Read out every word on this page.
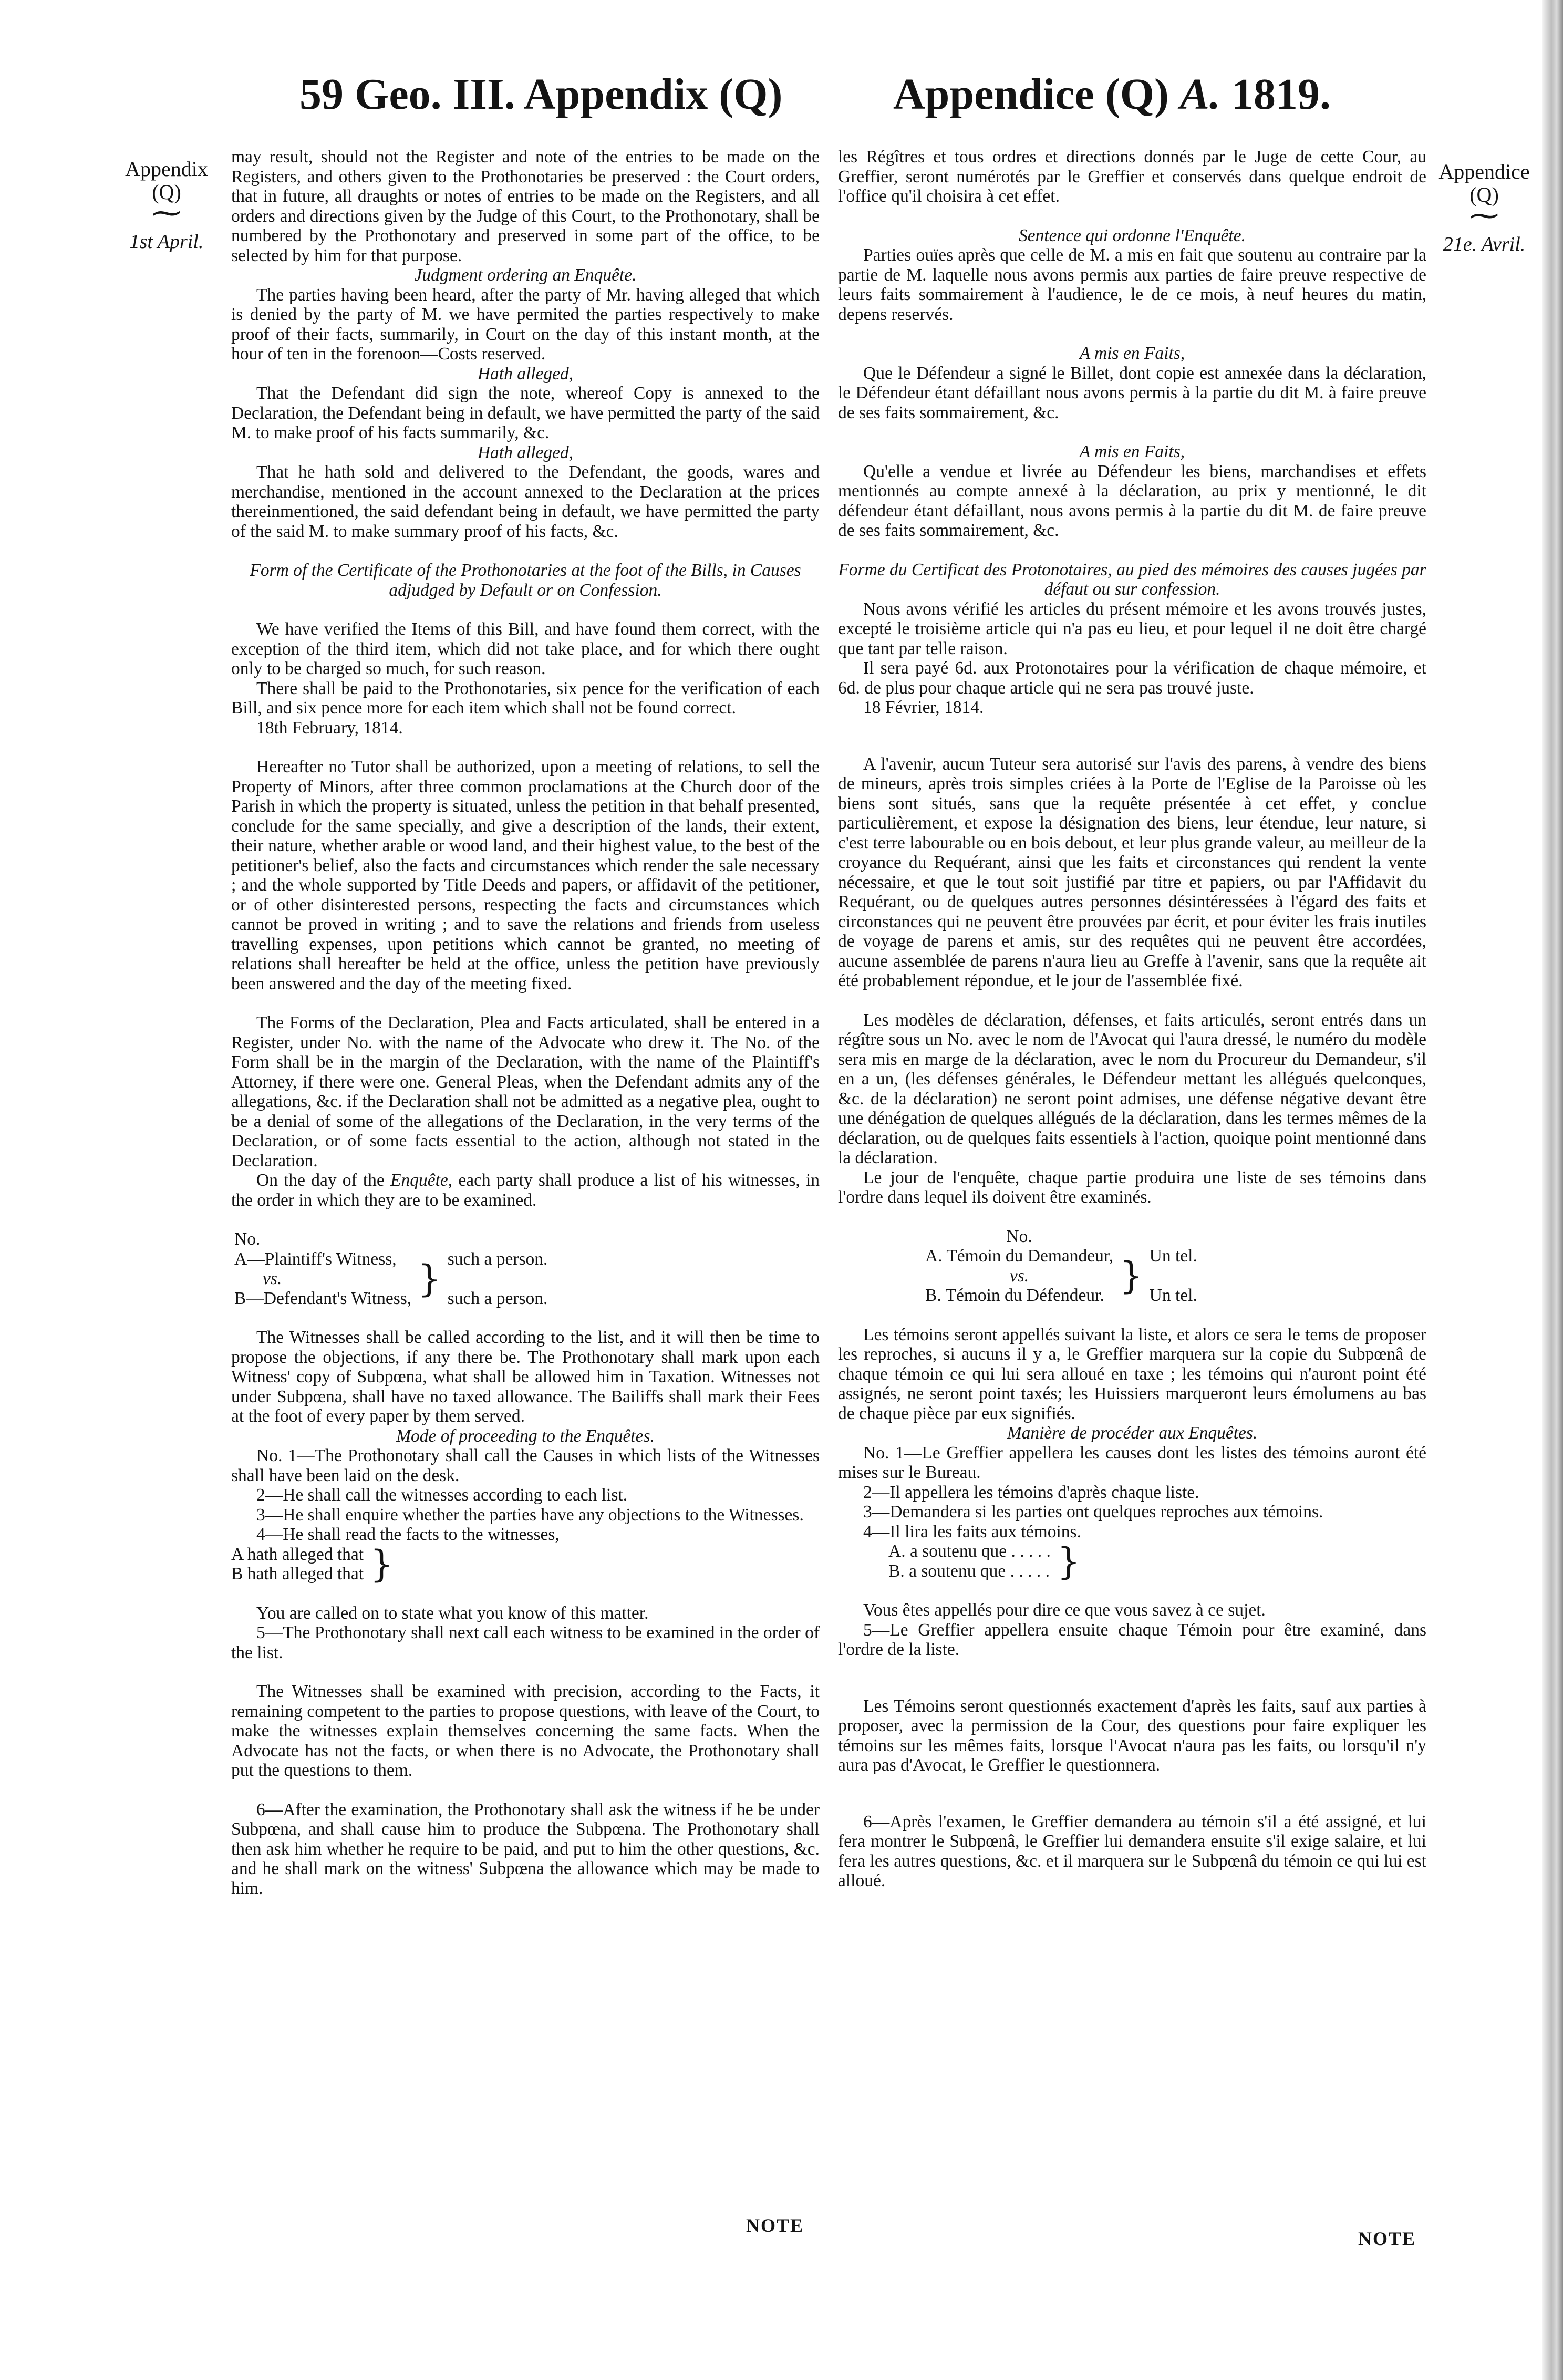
59 Geo. III. Appendix (Q)	Appendice (Q) A. 1819.
Appendix
(Q)
⁓
1st April.
Appendice
(Q)
⁓
21e. Avril.

may result, should not the Register and note of the entries to be made on the Registers, and others given to the Prothonotaries be preserved : the Court orders, that in future, all draughts or notes of entries to be made on the Registers, and all orders and directions given by the Judge of this Court, to the Prothonotary, shall be numbered by the Prothonotary and preserved in some part of the office, to be selected by him for that purpose.

Judgment ordering an Enquête.

The parties having been heard, after the party of Mr. having alleged that which is denied by the party of M. we have permited the parties respectively to make proof of their facts, summarily, in Court on the day of this instant month, at the hour of ten in the forenoon—Costs reserved.

Hath alleged,

That the Defendant did sign the note, whereof Copy is annexed to the Declaration, the Defendant being in default, we have permitted the party of the said M. to make proof of his facts summarily, &c.

Hath alleged,

That he hath sold and delivered to the Defendant, the goods, wares and merchandise, mentioned in the account annexed to the Declaration at the prices thereinmentioned, the said defendant being in default, we have permitted the party of the said M. to make summary proof of his facts, &c.

Form of the Certificate of the Prothonotaries at the foot of the Bills, in Causes adjudged by Default or on Confession.

We have verified the Items of this Bill, and have found them correct, with the exception of the third item, which did not take place, and for which there ought only to be charged so much, for such reason.

There shall be paid to the Prothonotaries, six pence for the verification of each Bill, and six pence more for each item which shall not be found correct.

18th February, 1814.

Hereafter no Tutor shall be authorized, upon a meeting of relations, to sell the Property of Minors, after three common proclamations at the Church door of the Parish in which the property is situated, unless the petition in that behalf presented, conclude for the same specially, and give a description of the lands, their extent, their nature, whether arable or wood land, and their highest value, to the best of the petitioner's belief, also the facts and circumstances which render the sale necessary ; and the whole supported by Title Deeds and papers, or affidavit of the petitioner, or of other disinterested persons, respecting the facts and circumstances which cannot be proved in writing ; and to save the relations and friends from useless travelling expenses, upon petitions which cannot be granted, no meeting of relations shall hereafter be held at the office, unless the petition have previously been answered and the day of the meeting fixed.

The Forms of the Declaration, Plea and Facts articulated, shall be entered in a Register, under No. with the name of the Advocate who drew it. The No. of the Form shall be in the margin of the Declaration, with the name of the Plaintiff's Attorney, if there were one. General Pleas, when the Defendant admits any of the allegations, &c. if the Declaration shall not be admitted as a negative plea, ought to be a denial of some of the allegations of the Declaration, in the very terms of the Declaration, or of some facts essential to the action, although not stated in the Declaration.

On the day of the Enquête, each party shall produce a list of his witnesses, in the order in which they are to be examined.

No.		
A—Plaintiff's Witness,	}	such a person.
vs.		
B—Defendant's Witness,		such a person.

The Witnesses shall be called according to the list, and it will then be time to propose the objections, if any there be. The Prothonotary shall mark upon each Witness' copy of Subpœna, what shall be allowed him in Taxation. Witnesses not under Subpœna, shall have no taxed allowance. The Bailiffs shall mark their Fees at the foot of every paper by them served.

Mode of proceeding to the Enquêtes.

No. 1—The Prothonotary shall call the Causes in which lists of the Witnesses shall have been laid on the desk.

2—He shall call the witnesses according to each list.

3—He shall enquire whether the parties have any objections to the Witnesses.

4—He shall read the facts to the witnesses,

A hath alleged that	}
B hath alleged that

You are called on to state what you know of this matter.

5—The Prothonotary shall next call each witness to be examined in the order of the list.

The Witnesses shall be examined with precision, according to the Facts, it remaining competent to the parties to propose questions, with leave of the Court, to make the witnesses explain themselves concerning the same facts. When the Advocate has not the facts, or when there is no Advocate, the Prothonotary shall put the questions to them.

6—After the examination, the Prothonotary shall ask the witness if he be under Subpœna, and shall cause him to produce the Subpœna. The Prothonotary shall then ask him whether he require to be paid, and put to him the other questions, &c. and he shall mark on the witness' Subpœna the allowance which may be made to him.

NOTE

les Régîtres et tous ordres et directions donnés par le Juge de cette Cour, au Greffier, seront numérotés par le Greffier et conservés dans quelque endroit de l'office qu'il choisira à cet effet.

Sentence qui ordonne l'Enquête.

Parties ouïes après que celle de M. a mis en fait que soutenu au contraire par la partie de M. laquelle nous avons permis aux parties de faire preuve respective de leurs faits sommairement à l'audience, le de ce mois, à neuf heures du matin, depens reservés.

A mis en Faits,

Que le Défendeur a signé le Billet, dont copie est annexée dans la déclaration, le Défendeur étant défaillant nous avons permis à la partie du dit M. à faire preuve de ses faits sommairement, &c.

A mis en Faits,

Qu'elle a vendue et livrée au Défendeur les biens, marchandises et effets mentionnés au compte annexé à la déclaration, au prix y mentionné, le dit défendeur étant défaillant, nous avons permis à la partie du dit M. de faire preuve de ses faits sommairement, &c.

Forme du Certificat des Protonotaires, au pied des mémoires des causes jugées par défaut ou sur confession.

Nous avons vérifié les articles du présent mémoire et les avons trouvés justes, excepté le troisième article qui n'a pas eu lieu, et pour lequel il ne doit être chargé que tant par telle raison.

Il sera payé 6d. aux Protonotaires pour la vérification de chaque mémoire, et 6d. de plus pour chaque article qui ne sera pas trouvé juste.

18 Février, 1814.

A l'avenir, aucun Tuteur sera autorisé sur l'avis des parens, à vendre des biens de mineurs, après trois simples criées à la Porte de l'Eglise de la Paroisse où les biens sont situés, sans que la requête présentée à cet effet, y conclue particulièrement, et expose la désignation des biens, leur étendue, leur nature, si c'est terre labourable ou en bois debout, et leur plus grande valeur, au meilleur de la croyance du Requérant, ainsi que les faits et circonstances qui rendent la vente nécessaire, et que le tout soit justifié par titre et papiers, ou par l'Affidavit du Requérant, ou de quelques autres personnes désintéressées à l'égard des faits et circonstances qui ne peuvent être prouvées par écrit, et pour éviter les frais inutiles de voyage de parens et amis, sur des requêtes qui ne peuvent être accordées, aucune assemblée de parens n'aura lieu au Greffe à l'avenir, sans que la requête ait été probablement répondue, et le jour de l'assemblée fixé.

Les modèles de déclaration, défenses, et faits articulés, seront entrés dans un régître sous un No. avec le nom de l'Avocat qui l'aura dressé, le numéro du modèle sera mis en marge de la déclaration, avec le nom du Procureur du Demandeur, s'il en a un, (les défenses générales, le Défendeur mettant les allégués quelconques, &c. de la déclaration) ne seront point admises, une défense négative devant être une dénégation de quelques allégués de la déclaration, dans les termes mêmes de la déclaration, ou de quelques faits essentiels à l'action, quoique point mentionné dans la déclaration.

Le jour de l'enquête, chaque partie produira une liste de ses témoins dans l'ordre dans lequel ils doivent être examinés.

No.		
A. Témoin du Demandeur,	}	Un tel.
vs.		
B. Témoin du Défendeur.		Un tel.

Les témoins seront appellés suivant la liste, et alors ce sera le tems de proposer les reproches, si aucuns il y a, le Greffier marquera sur la copie du Subpœnâ de chaque témoin ce qui lui sera alloué en taxe ; les témoins qui n'auront point été assignés, ne seront point taxés; les Huissiers marqueront leurs émolumens au bas de chaque pièce par eux signifiés.

Manière de procéder aux Enquêtes.

No. 1—Le Greffier appellera les causes dont les listes des témoins auront été mises sur le Bureau.

2—Il appellera les témoins d'après chaque liste.

3—Demandera si les parties ont quelques reproches aux témoins.

4—Il lira les faits aux témoins.

A. a soutenu que . . . . .	}
B. a soutenu que . . . . .

Vous êtes appellés pour dire ce que vous savez à ce sujet.

5—Le Greffier appellera ensuite chaque Témoin pour être examiné, dans l'ordre de la liste.

Les Témoins seront questionnés exactement d'après les faits, sauf aux parties à proposer, avec la permission de la Cour, des questions pour faire expliquer les témoins sur les mêmes faits, lorsque l'Avocat n'aura pas les faits, ou lorsqu'il n'y aura pas d'Avocat, le Greffier le questionnera.

6—Après l'examen, le Greffier demandera au témoin s'il a été assigné, et lui fera montrer le Subpœnâ, le Greffier lui demandera ensuite s'il exige salaire, et lui fera les autres questions, &c. et il marquera sur le Subpœnâ du témoin ce qui lui est alloué.

NOTE
